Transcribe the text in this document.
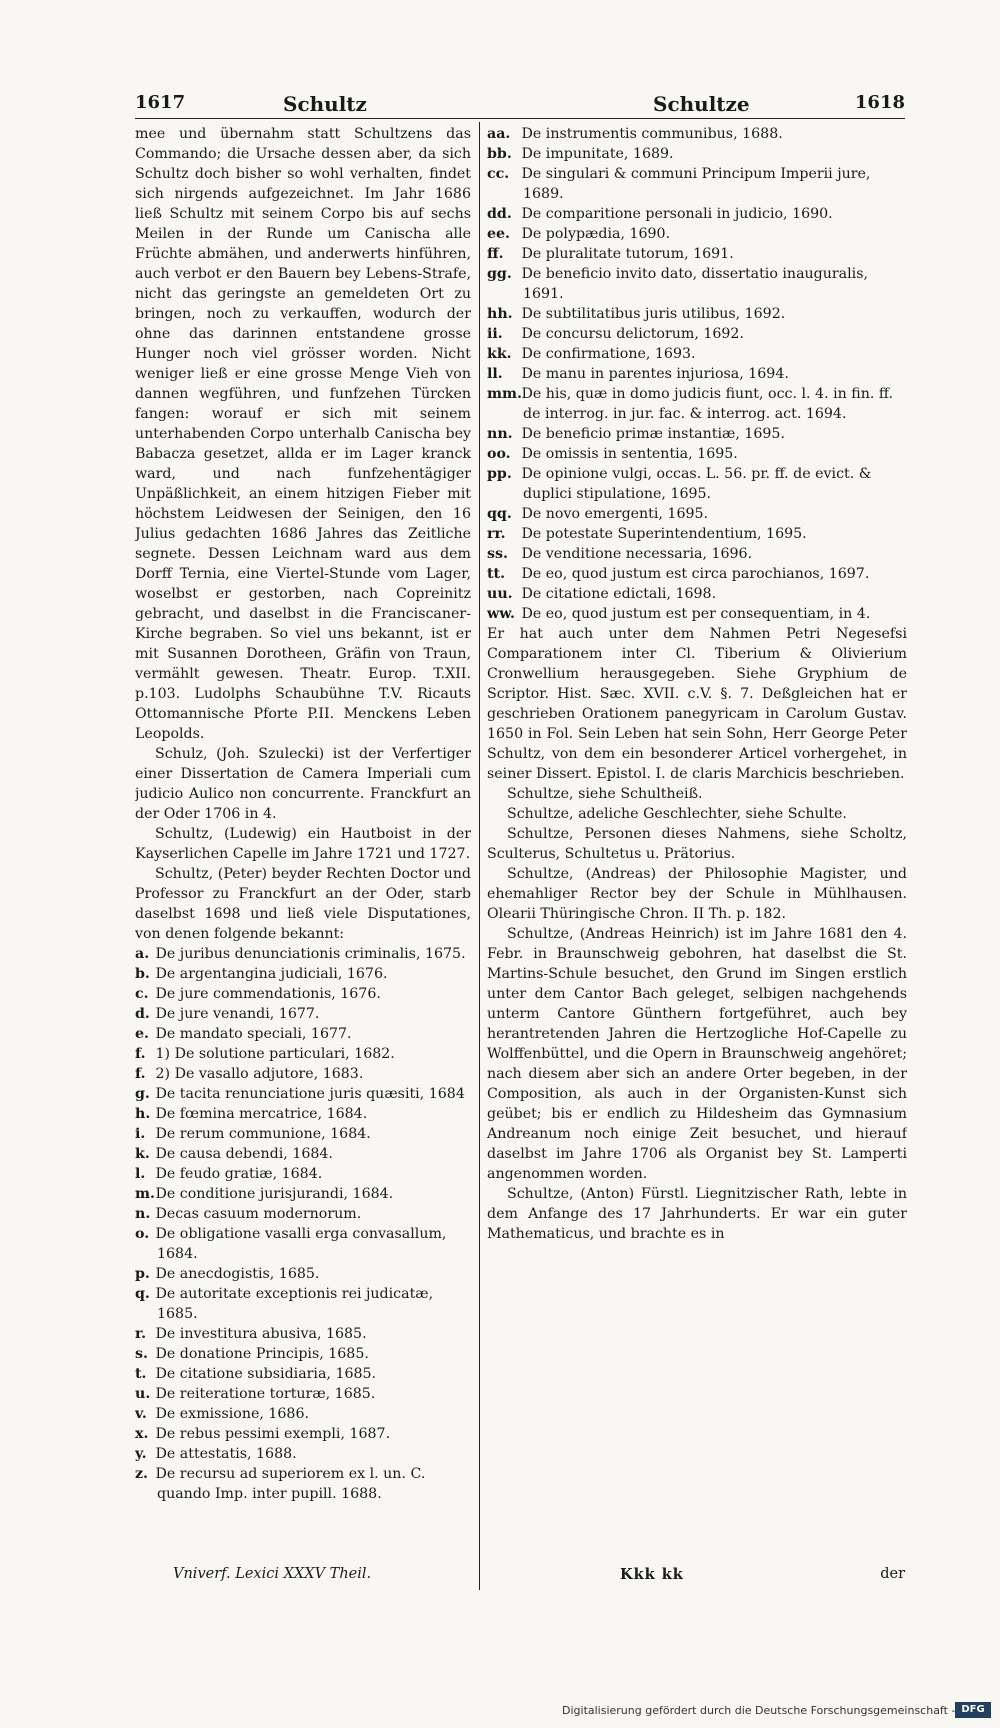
1617	Schultz	Schultze	1618

mee und übernahm statt Schultzens das Commando; die Ursache dessen aber, da sich Schultz doch bisher so wohl verhalten, findet sich nirgends aufgezeichnet. Im Jahr 1686 ließ Schultz mit seinem Corpo bis auf sechs Meilen in der Runde um Canischa alle Früchte abmähen, und anderwerts hinführen, auch verbot er den Bauern bey Lebens-Strafe, nicht das geringste an gemeldeten Ort zu bringen, noch zu verkauffen, wodurch der ohne das darinnen entstandene grosse Hunger noch viel grösser worden. Nicht weniger ließ er eine grosse Menge Vieh von dannen wegführen, und funfzehen Türcken fangen: worauf er sich mit seinem unterhabenden Corpo unterhalb Canischa bey Babacza gesetzet, allda er im Lager kranck ward, und nach funfzehentägiger Unpäßlichkeit, an einem hitzigen Fieber mit höchstem Leidwesen der Seinigen, den 16 Julius gedachten 1686 Jahres das Zeitliche segnete. Dessen Leichnam ward aus dem Dorff Ternia, eine Viertel-Stunde vom Lager, woselbst er gestorben, nach Copreinitz gebracht, und daselbst in die Franciscaner-Kirche begraben. So viel uns bekannt, ist er mit Susannen Dorotheen, Gräfin von Traun, vermählt gewesen. Theatr. Europ. T.XII. p.103. Ludolphs Schaubühne T.V. Ricauts Ottomannische Pforte P.II. Menckens Leben Leopolds.

Schulz, (Joh. Szulecki) ist der Verfertiger einer Dissertation de Camera Imperiali cum judicio Aulico non concurrente. Franckfurt an der Oder 1706 in 4.

Schultz, (Ludewig) ein Hautboist in der Kayserlichen Capelle im Jahre 1721 und 1727.

Schultz, (Peter) beyder Rechten Doctor und Professor zu Franckfurt an der Oder, starb daselbst 1698 und ließ viele Disputationes, von denen folgende bekannt:

a. De juribus denunciationis criminalis, 1675.
b. De argentangina judiciali, 1676.
c. De jure commendationis, 1676.
d. De jure venandi, 1677.
e. De mandato speciali, 1677.
f. 1) De solutione particulari, 1682.
f. 2) De vasallo adjutore, 1683.
g. De tacita renunciatione juris quæsiti, 1684
h. De fœmina mercatrice, 1684.
i. De rerum communione, 1684.
k. De causa debendi, 1684.
l. De feudo gratiæ, 1684.
m. De conditione jurisjurandi, 1684.
n. Decas casuum modernorum.
o. De obligatione vasalli erga convasallum, 1684.
p. De anecdogistis, 1685.
q. De autoritate exceptionis rei judicatæ, 1685.
r. De investitura abusiva, 1685.
s. De donatione Principis, 1685.
t. De citatione subsidiaria, 1685.
u. De reiteratione torturæ, 1685.
v. De exmissione, 1686.
x. De rebus pessimi exempli, 1687.
y. De attestatis, 1688.
z. De recursu ad superiorem ex l. un. C. quando Imp. inter pupill. 1688.
aa. De instrumentis communibus, 1688.
bb. De impunitate, 1689.
cc. De singulari & communi Principum Imperii jure, 1689.
dd. De comparitione personali in judicio, 1690.
ee. De polypædia, 1690.
ff. De pluralitate tutorum, 1691.
gg. De beneficio invito dato, dissertatio inauguralis, 1691.
hh. De subtilitatibus juris utilibus, 1692.
ii. De concursu delictorum, 1692.
kk. De confirmatione, 1693.
ll. De manu in parentes injuriosa, 1694.
mm. De his, quæ in domo judicis fiunt, occ. l. 4. in fin. ff. de interrog. in jur. fac. & interrog. act. 1694.
nn. De beneficio primæ instantiæ, 1695.
oo. De omissis in sententia, 1695.
pp. De opinione vulgi, occas. L. 56. pr. ff. de evict. & duplici stipulatione, 1695.
qq. De novo emergenti, 1695.
rr. De potestate Superintendentium, 1695.
ss. De venditione necessaria, 1696.
tt. De eo, quod justum est circa parochianos, 1697.
uu. De citatione edictali, 1698.
ww. De eo, quod justum est per consequentiam, in 4.

Er hat auch unter dem Nahmen Petri Negesefsi Comparationem inter Cl. Tiberium & Olivierium Cronwellium herausgegeben. Siehe Gryphium de Scriptor. Hist. Sæc. XVII. c.V. §. 7. Deßgleichen hat er geschrieben Orationem panegyricam in Carolum Gustav. 1650 in Fol. Sein Leben hat sein Sohn, Herr George Peter Schultz, von dem ein besonderer Articel vorhergehet, in seiner Dissert. Epistol. I. de claris Marchicis beschrieben.

Schultze, siehe Schultheiß.

Schultze, adeliche Geschlechter, siehe Schulte.

Schultze, Personen dieses Nahmens, siehe Scholtz, Sculterus, Schultetus u. Prätorius.

Schultze, (Andreas) der Philosophie Magister, und ehemahliger Rector bey der Schule in Mühlhausen. Olearii Thüringische Chron. II Th. p. 182.

Schultze, (Andreas Heinrich) ist im Jahre 1681 den 4. Febr. in Braunschweig gebohren, hat daselbst die St. Martins-Schule besuchet, den Grund im Singen erstlich unter dem Cantor Bach geleget, selbigen nachgehends unterm Cantore Günthern fortgeführet, auch bey herantretenden Jahren die Hertzogliche Hof-Capelle zu Wolffenbüttel, und die Opern in Braunschweig angehöret; nach diesem aber sich an andere Orter begeben, in der Composition, als auch in der Organisten-Kunst sich geübet; bis er endlich zu Hildesheim das Gymnasium Andreanum noch einige Zeit besuchet, und hierauf daselbst im Jahre 1706 als Organist bey St. Lamperti angenommen worden.

Schultze, (Anton) Fürstl. Liegnitzischer Rath, lebte in dem Anfange des 17 Jahrhunderts. Er war ein guter Mathematicus, und brachte es in

Vniverf. Lexici XXXV Theil.	Kkk kk	der
Digitalisierung gefördert durch die Deutsche Forschungsgemeinschaft - DFG
